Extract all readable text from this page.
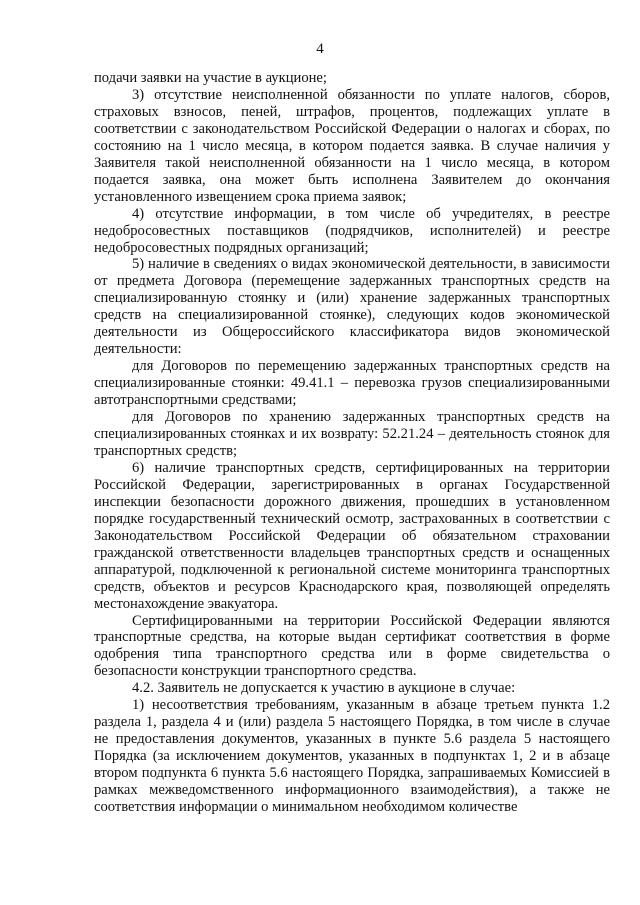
4

подачи заявки на участие в аукционе;

3) отсутствие неисполненной обязанности по уплате налогов, сборов, страховых взносов, пеней, штрафов, процентов, подлежащих уплате в соответствии с законодательством Российской Федерации о налогах и сборах, по состоянию на 1 число месяца, в котором подается заявка. В случае наличия у Заявителя такой неисполненной обязанности на 1 число месяца, в котором подается заявка, она может быть исполнена Заявителем до окончания установленного извещением срока приема заявок;

4) отсутствие информации, в том числе об учредителях, в реестре недобросовестных поставщиков (подрядчиков, исполнителей) и реестре недобросовестных подрядных организаций;

5) наличие в сведениях о видах экономической деятельности, в зависимости от предмета Договора (перемещение задержанных транспортных средств на специализированную стоянку и (или) хранение задержанных транспортных средств на специализированной стоянке), следующих кодов экономической деятельности из Общероссийского классификатора видов экономической деятельности:

для Договоров по перемещению задержанных транспортных средств на специализированные стоянки: 49.41.1 – перевозка грузов специализированными автотранспортными средствами;

для Договоров по хранению задержанных транспортных средств на специализированных стоянках и их возврату: 52.21.24 – деятельность стоянок для транспортных средств;

6) наличие транспортных средств, сертифицированных на территории Российской Федерации, зарегистрированных в органах Государственной инспекции безопасности дорожного движения, прошедших в установленном порядке государственный технический осмотр, застрахованных в соответствии с Законодательством Российской Федерации об обязательном страховании гражданской ответственности владельцев транспортных средств и оснащенных аппаратурой, подключенной к региональной системе мониторинга транспортных средств, объектов и ресурсов Краснодарского края, позволяющей определять местонахождение эвакуатора.

Сертифицированными на территории Российской Федерации являются транспортные средства, на которые выдан сертификат соответствия в форме одобрения типа транспортного средства или в форме свидетельства о безопасности конструкции транспортного средства.

4.2. Заявитель не допускается к участию в аукционе в случае:

1) несоответствия требованиям, указанным в абзаце третьем пункта 1.2 раздела 1, раздела 4 и (или) раздела 5 настоящего Порядка, в том числе в случае не предоставления документов, указанных в пункте 5.6 раздела 5 настоящего Порядка (за исключением документов, указанных в подпунктах 1, 2 и в абзаце втором подпункта 6 пункта 5.6 настоящего Порядка, запрашиваемых Комиссией в рамках межведомственного информационного взаимодействия), а также не соответствия информации о минимальном необходимом количестве
